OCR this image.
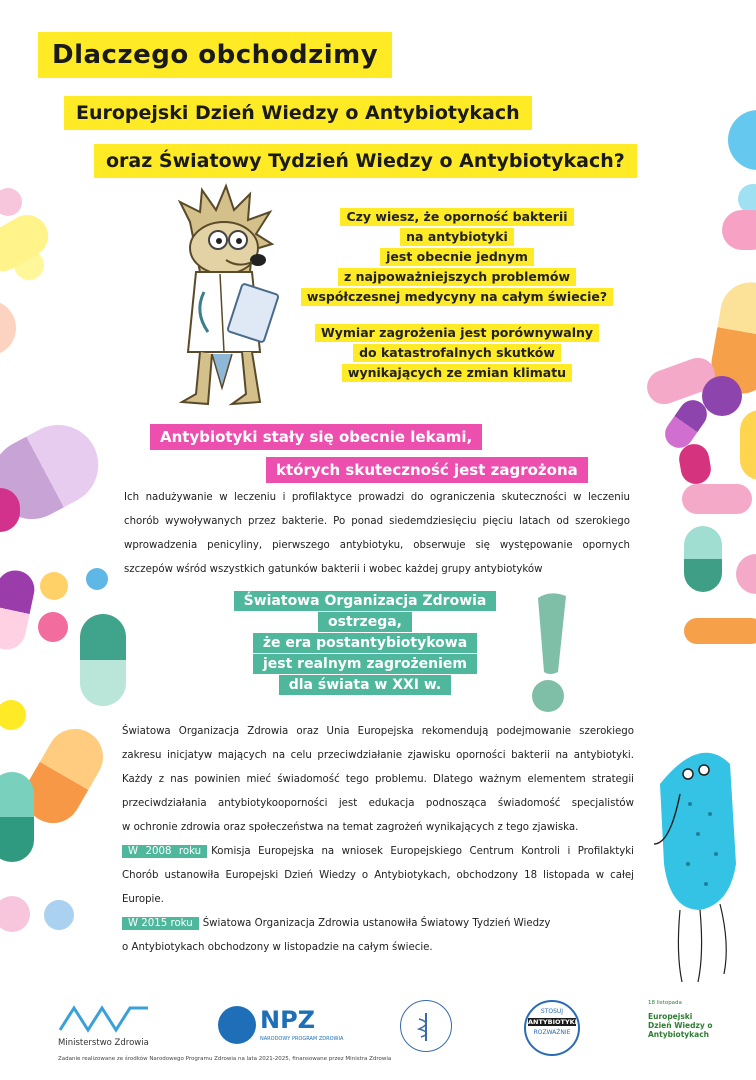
Dlaczego obchodzimy
Europejski Dzień Wiedzy o Antybiotykach
oraz Światowy Tydzień Wiedzy o Antybiotykach?
Czy wiesz, że oporność bakterii
na antybiotyki
jest obecnie jednym
z najpoważniejszych problemów
współczesnej medycyny na całym świecie?
Wymiar zagrożenia jest porównywalny
do katastrofalnych skutków
wynikających ze zmian klimatu
Antybiotyki stały się obecnie lekami,
których skuteczność jest zagrożona
Ich nadużywanie w leczeniu i profilaktyce prowadzi do ograniczenia skuteczności w leczeniu
chorób wywoływanych przez bakterie. Po ponad siedemdziesięciu pięciu latach od szerokiego
wprowadzenia penicyliny, pierwszego antybiotyku, obserwuje się występowanie opornych
szczepów wśród wszystkich gatunków bakterii i wobec każdej grupy antybiotyków
Światowa Organizacja Zdrowia
ostrzega,
że era postantybiotykowa
jest realnym zagrożeniem
dla świata w XXI w.
Światowa Organizacja Zdrowia oraz Unia Europejska rekomendują podejmowanie szerokiego
zakresu inicjatyw mających na celu przeciwdziałanie zjawisku oporności bakterii na antybiotyki.
Każdy z nas powinien mieć świadomość tego problemu. Dlatego ważnym elementem strategii
przeciwdziałania antybiotykooporności jest edukacja podnosząca świadomość specjalistów
w ochronie zdrowia oraz społeczeństwa na temat zagrożeń wynikających z tego zjawiska.
W 2008 roku Komisja Europejska na wniosek Europejskiego Centrum Kontroli i Profilaktyki
Chorób ustanowiła Europejski Dzień Wiedzy o Antybiotykach, obchodzony 18 listopada w całej
Europie.
W 2015 roku Światowa Organizacja Zdrowia ustanowiła Światowy Tydzień Wiedzy
o Antybiotykach obchodzony w listopadzie na całym świecie.
Ministerstwo Zdrowia
NPZ
NARODOWY PROGRAM ZDROWIA
STOSUJ
ANTYBIOTYKI
ROZWAŻNIE
18 listopada
Europejski
Dzień Wiedzy o
Antybiotykach
Zadanie realizowane ze środków Narodowego Programu Zdrowia na lata 2021-2025, finansowane przez Ministra Zdrowia
